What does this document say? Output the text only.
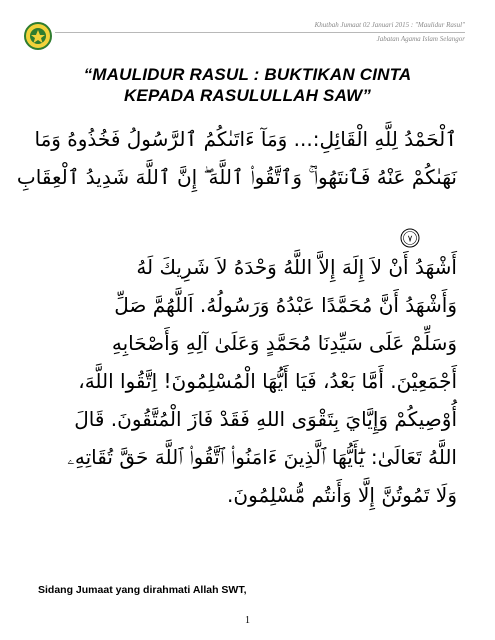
Khutbah Jumaat 02 Januari 2015 : "Maulidur Rasul"
Jabatan Agama Islam Selangor
“MAULIDUR RASUL : BUKTIKAN CINTA
KEPADA RASULULLAH SAW”
ٱلْحَمْدُ لِلَّهِ الْقَائِلِ:... وَمَآ ءَاتَىٰكُمُ ٱلرَّسُولُ فَخُذُوهُ وَمَا
نَهَىٰكُمْ عَنْهُ فَٱنتَهُوا۟ ۚ وَٱتَّقُوا۟ ٱللَّهَ ۖ إِنَّ ٱللَّهَ شَدِيدُ ٱلْعِقَابِ
٧
أَشْهَدُ أَنْ لاَ إِلَهَ إِلاَّ اللَّهُ وَحْدَهُ لاَ شَرِيكَ لَهُ
وَأَشْهَدُ أَنَّ مُحَمَّدًا عَبْدُهُ وَرَسُولُهُ. اَللَّهُمَّ صَلِّ
وَسَلِّمْ عَلَى سَيِّدِنَا مُحَمَّدٍ وَعَلَىٰ آلِهِ وَأَصْحَابِهِ
أَجْمَعِيْنَ. أَمَّا بَعْدُ، فَيَا أَيُّهَا الْمُسْلِمُونَ! اِتَّقُوا اللَّهَ،
أُوْصِيكُمْ وَإِيَّايَ بِتَقْوَى اللهِ فَقَدْ فَازَ الْمُتَّقُونَ. قَالَ
اللَّهُ تَعَالَىٰ: يَٰٓأَيُّهَا ٱلَّذِينَ ءَامَنُوا۟ ٱتَّقُوا۟ ٱللَّهَ حَقَّ تُقَاتِهِۦ
وَلَا تَمُوتُنَّ إِلَّا وَأَنتُم مُّسْلِمُونَ.
Sidang Jumaat yang dirahmati Allah SWT,
1
